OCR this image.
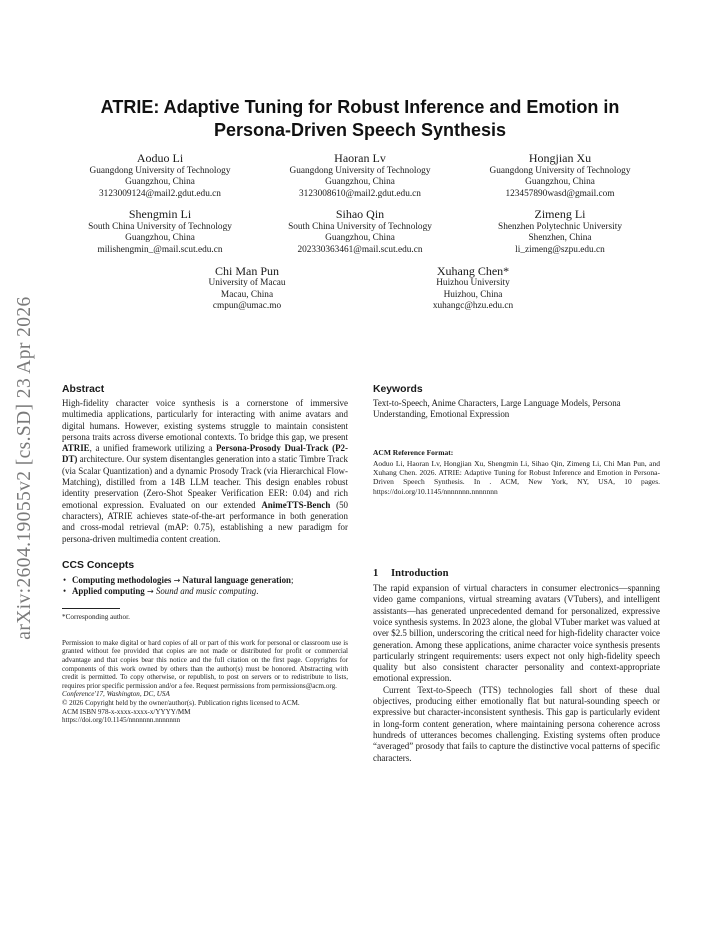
arXiv:2604.19055v2 [cs.SD] 23 Apr 2026
ATRIE: Adaptive Tuning for Robust Inference and Emotion in Persona-Driven Speech Synthesis
Aoduo Li
Guangdong University of Technology
Guangzhou, China
3123009124@mail2.gdut.edu.cn
Haoran Lv
Guangdong University of Technology
Guangzhou, China
3123008610@mail2.gdut.edu.cn
Hongjian Xu
Guangdong University of Technology
Guangzhou, China
123457890wasd@gmail.com
Shengmin Li
South China University of Technology
Guangzhou, China
milishengmin_@mail.scut.edu.cn
Sihao Qin
South China University of Technology
Guangzhou, China
202330363461@mail.scut.edu.cn
Zimeng Li
Shenzhen Polytechnic University
Shenzhen, China
li_zimeng@szpu.edu.cn
Chi Man Pun
University of Macau
Macau, China
cmpun@umac.mo
Xuhang Chen*
Huizhou University
Huizhou, China
xuhangc@hzu.edu.cn
Abstract

High-fidelity character voice synthesis is a cornerstone of immersive multimedia applications, particularly for interacting with anime avatars and digital humans. However, existing systems struggle to maintain consistent persona traits across diverse emotional contexts. To bridge this gap, we present ATRIE, a unified framework utilizing a Persona-Prosody Dual-Track (P2-DT) architecture. Our system disentangles generation into a static Timbre Track (via Scalar Quantization) and a dynamic Prosody Track (via Hierarchical Flow-Matching), distilled from a 14B LLM teacher. This design enables robust identity preservation (Zero-Shot Speaker Verification EER: 0.04) and rich emotional expression. Evaluated on our extended AnimeTTS-Bench (50 characters), ATRIE achieves state-of-the-art performance in both generation and cross-modal retrieval (mAP: 0.75), establishing a new paradigm for persona-driven multimedia content creation.

CCS Concepts
• Computing methodologies → Natural language generation;
• Applied computing → Sound and music computing.

*Corresponding author.

Permission to make digital or hard copies of all or part of this work for personal or classroom use is granted without fee provided that copies are not made or distributed for profit or commercial advantage and that copies bear this notice and the full citation on the first page. Copyrights for components of this work owned by others than the author(s) must be honored. Abstracting with credit is permitted. To copy otherwise, or republish, to post on servers or to redistribute to lists, requires prior specific permission and/or a fee. Request permissions from permissions@acm.org.

Conference'17, Washington, DC, USA

© 2026 Copyright held by the owner/author(s). Publication rights licensed to ACM.

ACM ISBN 978-x-xxxx-xxxx-x/YYYY/MM

https://doi.org/10.1145/nnnnnnn.nnnnnnn

Keywords

Text-to-Speech, Anime Characters, Large Language Models, Persona Understanding, Emotional Expression

ACM Reference Format:

Aoduo Li, Haoran Lv, Hongjian Xu, Shengmin Li, Sihao Qin, Zimeng Li, Chi Man Pun, and Xuhang Chen. 2026. ATRIE: Adaptive Tuning for Robust Inference and Emotion in Persona-Driven Speech Synthesis. In . ACM, New York, NY, USA, 10 pages. https://doi.org/10.1145/nnnnnnn.nnnnnnn

1 Introduction

The rapid expansion of virtual characters in consumer electronics—spanning video game companions, virtual streaming avatars (VTubers), and intelligent assistants—has generated unprecedented demand for personalized, expressive voice synthesis systems. In 2023 alone, the global VTuber market was valued at over $2.5 billion, underscoring the critical need for high-fidelity character voice generation. Among these applications, anime character voice synthesis presents particularly stringent requirements: users expect not only high-fidelity speech quality but also consistent character personality and context-appropriate emotional expression.

Current Text-to-Speech (TTS) technologies fall short of these dual objectives, producing either emotionally flat but natural-sounding speech or expressive but character-inconsistent synthesis. This gap is particularly evident in long-form content generation, where maintaining persona coherence across hundreds of utterances becomes challenging. Existing systems often produce “averaged” prosody that fails to capture the distinctive vocal patterns of specific characters.
